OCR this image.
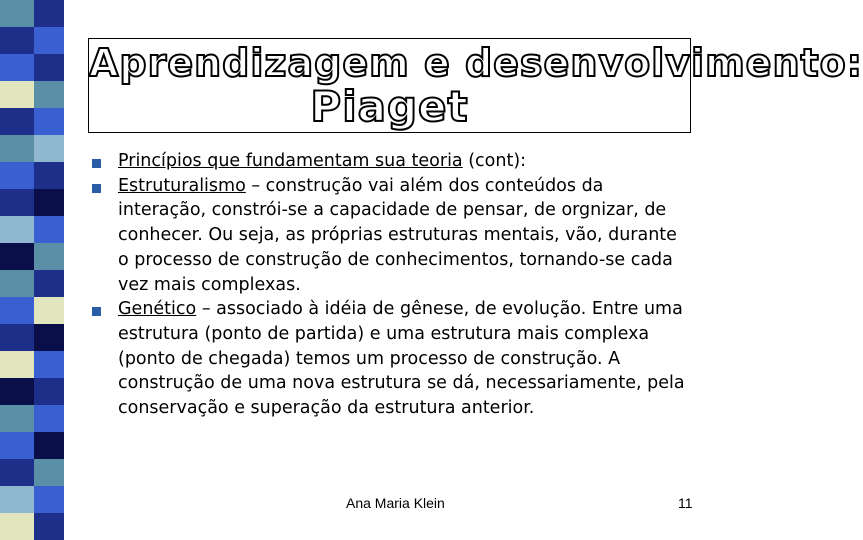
Aprendizagem e desenvolvimento:
Piaget
Princípios que fundamentam sua teoria (cont):
Estruturalismo – construção vai além dos conteúdos da interação, constrói-se a capacidade de pensar, de orgnizar, de conhecer. Ou seja, as próprias estruturas mentais, vão, durante o processo de construção de conhecimentos, tornando-se cada vez mais complexas.
Genético – associado à idéia de gênese, de evolução. Entre uma estrutura (ponto de partida) e uma estrutura mais complexa (ponto de chegada) temos um processo de construção. A construção de uma nova estrutura se dá, necessariamente, pela conservação e superação da estrutura anterior.
Ana Maria Klein	11
